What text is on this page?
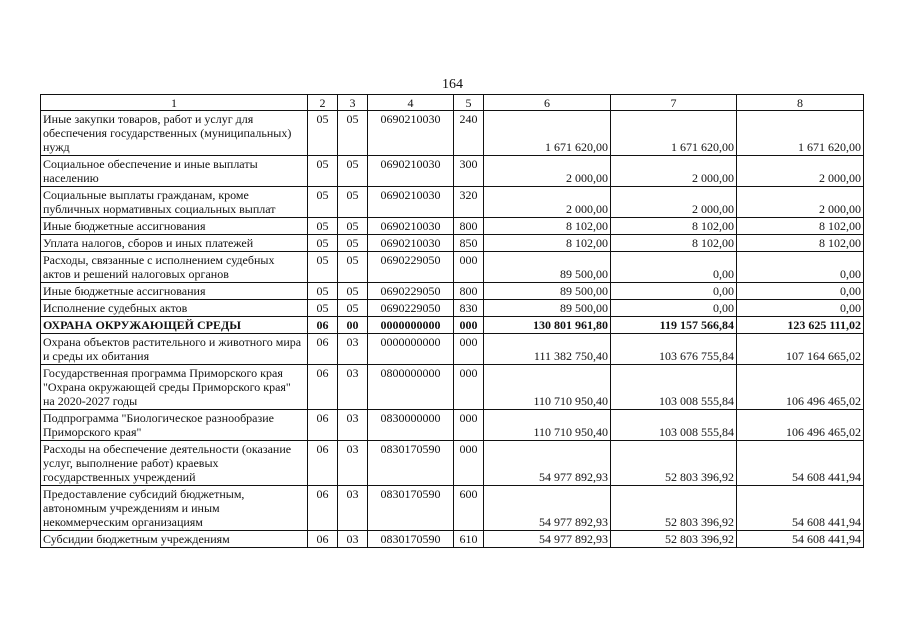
164
1	2	3	4	5	6	7	8
Иные закупки товаров, работ и услуг для обеспечения государственных (муниципальных) нужд	05	05	0690210030	240	1 671 620,00	1 671 620,00	1 671 620,00
Социальное обеспечение и иные выплаты населению	05	05	0690210030	300	2 000,00	2 000,00	2 000,00
Социальные выплаты гражданам, кроме публичных нормативных социальных выплат	05	05	0690210030	320	2 000,00	2 000,00	2 000,00
Иные бюджетные ассигнования	05	05	0690210030	800	8 102,00	8 102,00	8 102,00
Уплата налогов, сборов и иных платежей	05	05	0690210030	850	8 102,00	8 102,00	8 102,00
Расходы, связанные с исполнением судебных актов и решений налоговых органов	05	05	0690229050	000	89 500,00	0,00	0,00
Иные бюджетные ассигнования	05	05	0690229050	800	89 500,00	0,00	0,00
Исполнение судебных актов	05	05	0690229050	830	89 500,00	0,00	0,00
ОХРАНА ОКРУЖАЮЩЕЙ СРЕДЫ	06	00	0000000000	000	130 801 961,80	119 157 566,84	123 625 111,02
Охрана объектов растительного и животного мира и среды их обитания	06	03	0000000000	000	111 382 750,40	103 676 755,84	107 164 665,02
Государственная программа Приморского края "Охрана окружающей среды Приморского края" на 2020-2027 годы	06	03	0800000000	000	110 710 950,40	103 008 555,84	106 496 465,02
Подпрограмма "Биологическое разнообразие Приморского края"	06	03	0830000000	000	110 710 950,40	103 008 555,84	106 496 465,02
Расходы на обеспечение деятельности (оказание услуг, выполнение работ) краевых государственных учреждений	06	03	0830170590	000	54 977 892,93	52 803 396,92	54 608 441,94
Предоставление субсидий бюджетным, автономным учреждениям и иным некоммерческим организациям	06	03	0830170590	600	54 977 892,93	52 803 396,92	54 608 441,94
Субсидии бюджетным учреждениям	06	03	0830170590	610	54 977 892,93	52 803 396,92	54 608 441,94
